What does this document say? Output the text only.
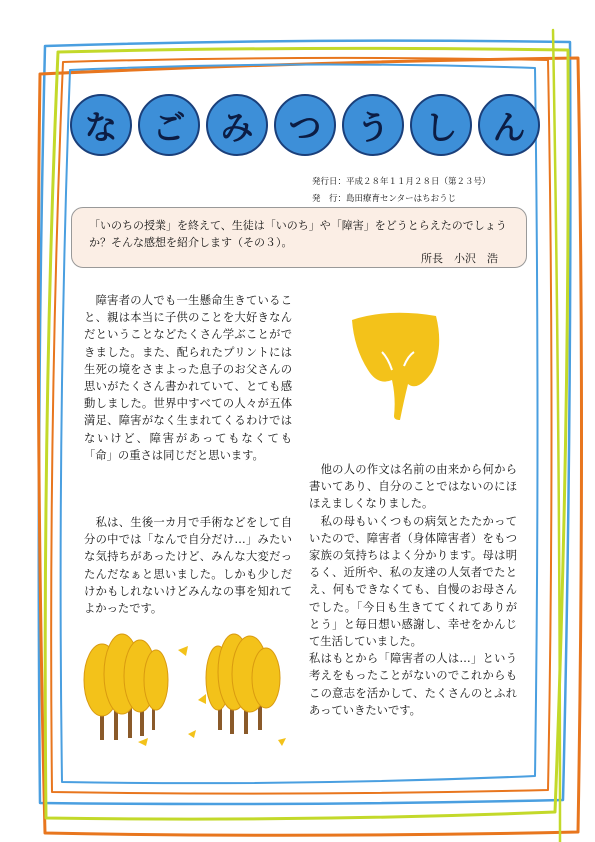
な	ご	み	つ	う	し	ん
発行日：平成２８年１１月２８日（第２３号）
発　行：島田療育センターはちおうじ
「いのちの授業」を終えて、生徒は「いのち」や「障害」をどうとらえたのでしょうか？そんな感想を紹介します（その３）。
所長　小沢　浩

　障害者の人でも一生懸命生きていること、親は本当に子供のことを大好きなんだということなどたくさん学ぶことができました。また、配られたプリントには生死の境をさまよった息子のお父さんの思いがたくさん書かれていて、とても感動しました。世界中すべての人々が五体満足、障害がなく生まれてくるわけではないけど、障害があってもなくても「命」の重さは同じだと思います。

　私は、生後一カ月で手術などをして自分の中では「なんで自分だけ…」みたいな気持ちがあったけど、みんな大変だったんだなぁと思いました。しかも少しだけかもしれないけどみんなの事を知れてよかったです。

　他の人の作文は名前の由来から何から書いてあり、自分のことではないのにほほえましくなりました。

　私の母もいくつもの病気とたたかっていたので、障害者（身体障害者）をもつ家族の気持ちはよく分かります。母は明るく、近所や、私の友達の人気者でたとえ、何もできなくても、自慢のお母さんでした。「今日も生きててくれてありがとう」と毎日想い感謝し、幸せをかんじて生活していました。

私はもとから「障害者の人は…」という考えをもったことがないのでこれからもこの意志を活かして、たくさんのとふれあっていきたいです。
